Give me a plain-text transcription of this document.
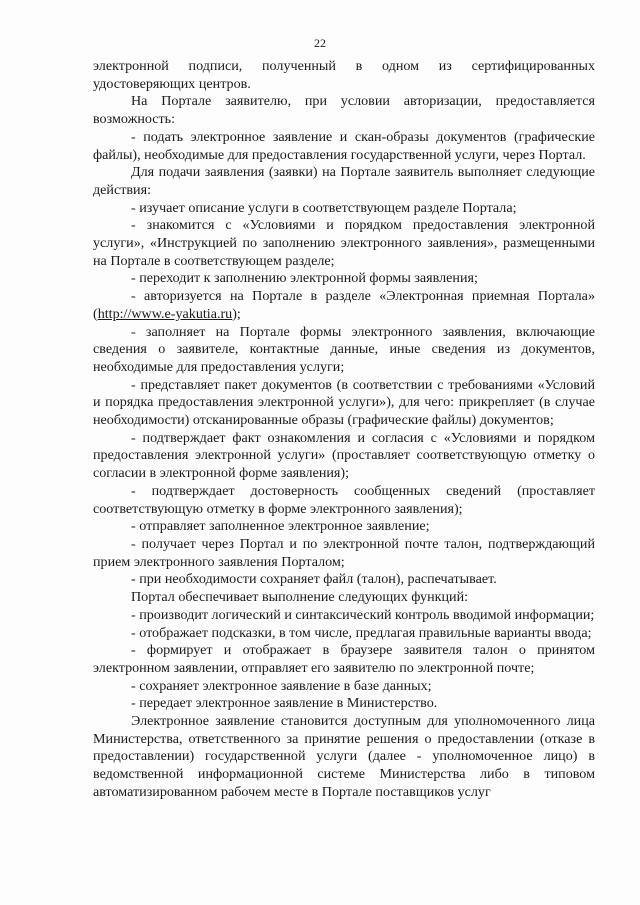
22

электронной подписи, полученный в одном из сертифицированных удостоверяющих центров.

На Портале заявителю, при условии авторизации, предоставляется возможность:

- подать электронное заявление и скан-образы документов (графические файлы), необходимые для предоставления государственной услуги, через Портал.

Для подачи заявления (заявки) на Портале заявитель выполняет следующие действия:

- изучает описание услуги в соответствующем разделе Портала;

- знакомится с «Условиями и порядком предоставления электронной услуги», «Инструкцией по заполнению электронного заявления», размещенными на Портале в соответствующем разделе;

- переходит к заполнению электронной формы заявления;

- авторизуется на Портале в разделе «Электронная приемная Портала» (http://www.e-yakutia.ru);

- заполняет на Портале формы электронного заявления, включающие сведения о заявителе, контактные данные, иные сведения из документов, необходимые для предоставления услуги;

- представляет пакет документов (в соответствии с требованиями «Условий и порядка предоставления электронной услуги»), для чего: прикрепляет (в случае необходимости) отсканированные образы (графические файлы) документов;

- подтверждает факт ознакомления и согласия с «Условиями и порядком предоставления электронной услуги» (проставляет соответствующую отметку о согласии в электронной форме заявления);

- подтверждает достоверность сообщенных сведений (проставляет соответствующую отметку в форме электронного заявления);

- отправляет заполненное электронное заявление;

- получает через Портал и по электронной почте талон, подтверждающий прием электронного заявления Порталом;

- при необходимости сохраняет файл (талон), распечатывает.

Портал обеспечивает выполнение следующих функций:

- производит логический и синтаксический контроль вводимой информации;

- отображает подсказки, в том числе, предлагая правильные варианты ввода;

- формирует и отображает в браузере заявителя талон о принятом электронном заявлении, отправляет его заявителю по электронной почте;

- сохраняет электронное заявление в базе данных;

- передает электронное заявление в Министерство.

Электронное заявление становится доступным для уполномоченного лица Министерства, ответственного за принятие решения о предоставлении (отказе в предоставлении) государственной услуги (далее - уполномоченное лицо) в ведомственной информационной системе Министерства либо в типовом автоматизированном рабочем месте в Портале поставщиков услуг
